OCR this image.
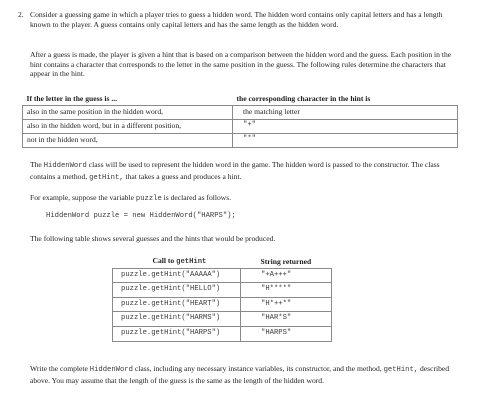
2. Consider a guessing game in which a player tries to guess a hidden word. The hidden word contains only capital letters and has a length known to the player. A guess contains only capital letters and has the same length as the hidden word.
After a guess is made, the player is given a hint that is based on a comparison between the hidden word and the guess. Each position in the hint contains a character that corresponds to the letter in the same position in the guess. The following rules determine the characters that appear in the hint.
If the letter in the guess is ...	the corresponding character in the hint is
also in the same position in the hidden word,	the matching letter
also in the hidden word, but in a different position,	"+"
not in the hidden word,	"*"
The HiddenWord class will be used to represent the hidden word in the game. The hidden word is passed to the constructor. The class contains a method, getHint, that takes a guess and produces a hint.
For example, suppose the variable puzzle is declared as follows.
HiddenWord puzzle = new HiddenWord("HARPS");
The following table shows several guesses and the hints that would be produced.
Call to getHint	String returned
puzzle.getHint("AAAAA")	"+A+++"
puzzle.getHint("HELLO")	"H****"
puzzle.getHint("HEART")	"H*++*"
puzzle.getHint("HARMS")	"HAR*S"
puzzle.getHint("HARPS")	"HARPS"
Write the complete HiddenWord class, including any necessary instance variables, its constructor, and the method, getHint, described above. You may assume that the length of the guess is the same as the length of the hidden word.
